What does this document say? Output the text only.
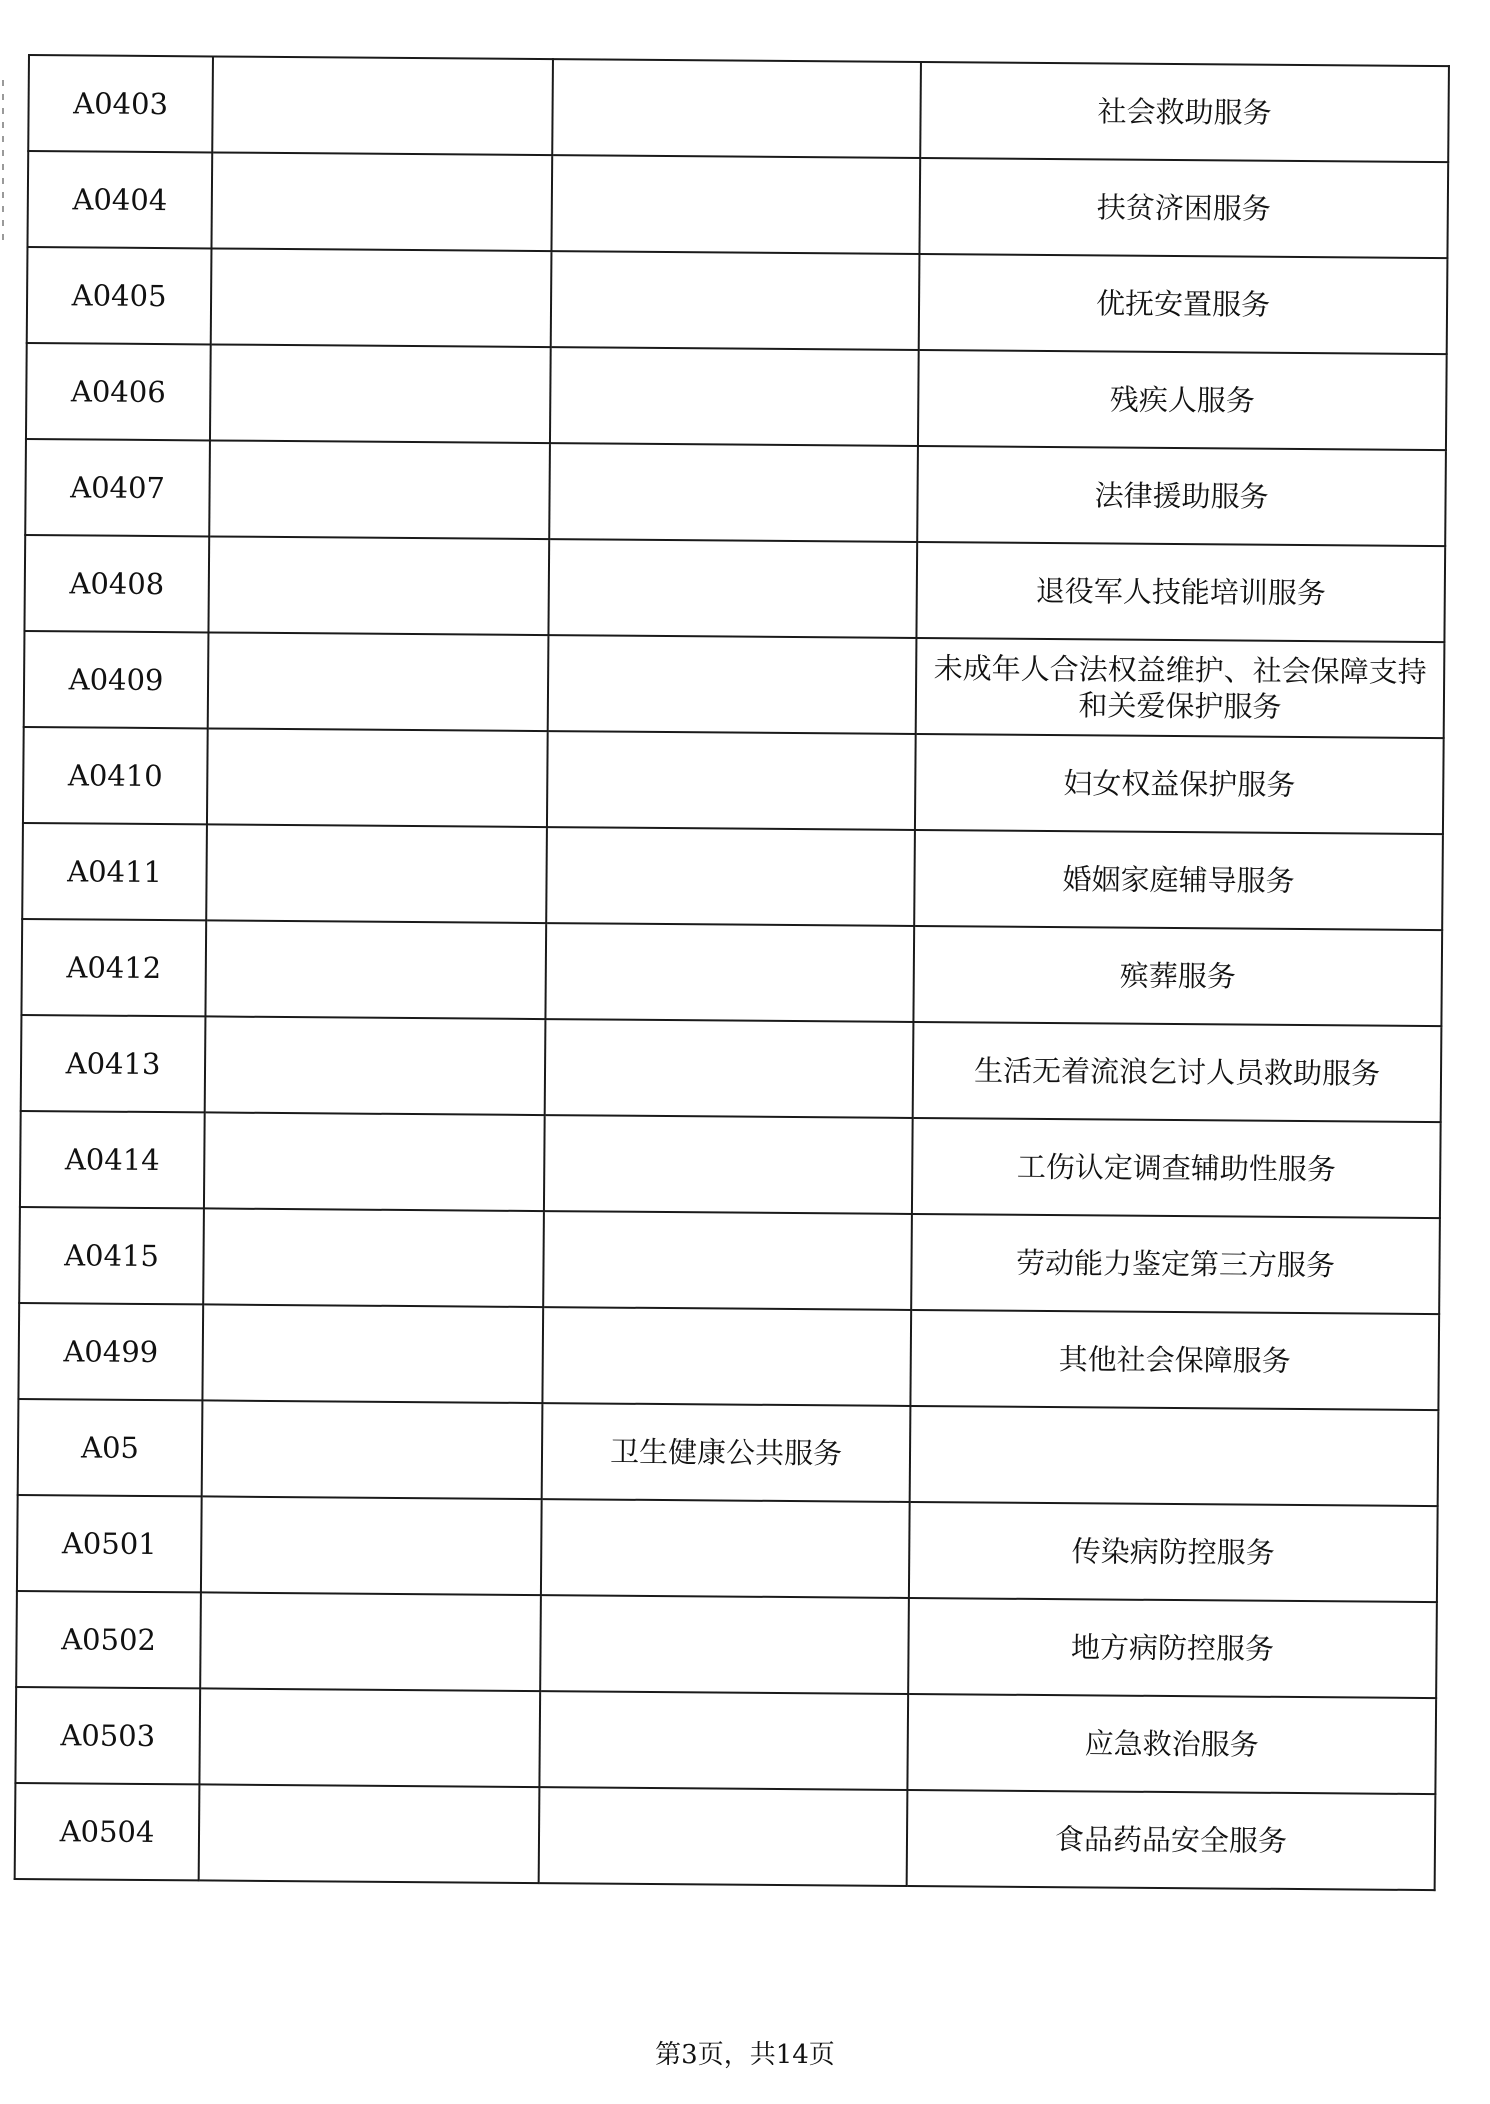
A0403			社会救助服务
A0404			扶贫济困服务
A0405			优抚安置服务
A0406			残疾人服务
A0407			法律援助服务
A0408			退役军人技能培训服务
A0409			未成年人合法权益维护、社会保障支持和关爱保护服务
A0410			妇女权益保护服务
A0411			婚姻家庭辅导服务
A0412			殡葬服务
A0413			生活无着流浪乞讨人员救助服务
A0414			工伤认定调查辅助性服务
A0415			劳动能力鉴定第三方服务
A0499			其他社会保障服务
A05		卫生健康公共服务	
A0501			传染病防控服务
A0502			地方病防控服务
A0503			应急救治服务
A0504			食品药品安全服务
第3页，共14页
